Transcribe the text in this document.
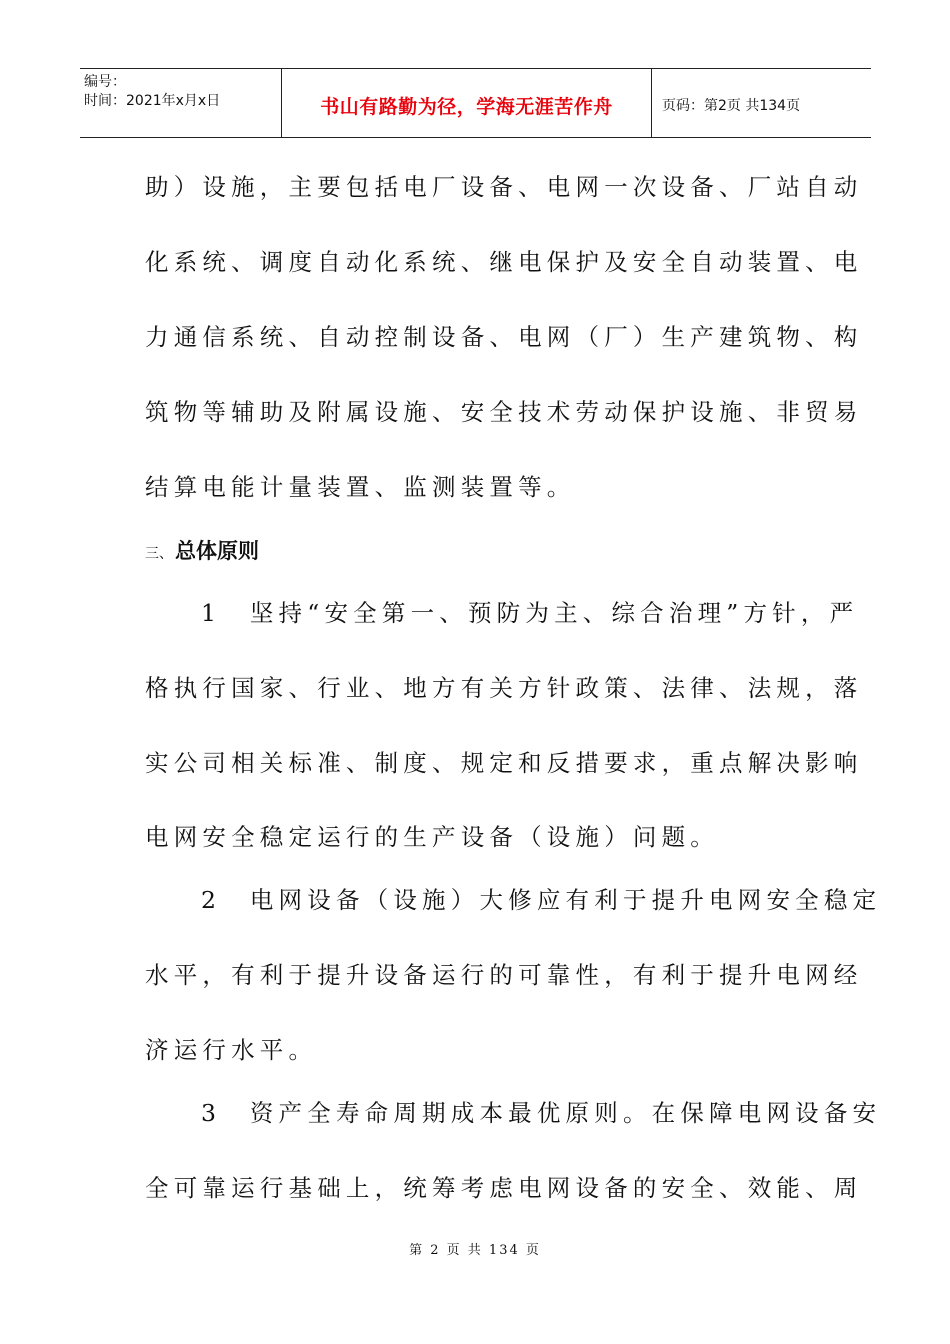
编号：
时间：2021年x月x日	书山有路勤为径，学海无涯苦作舟	页码：第2页 共134页
助）设施，主要包括电厂设备、电网一次设备、厂站自动
化系统、调度自动化系统、继电保护及安全自动装置、电
力通信系统、自动控制设备、电网（厂）生产建筑物、构
筑物等辅助及附属设施、安全技术劳动保护设施、非贸易
结算电能计量装置、监测装置等。
三、总体原则
1　坚持“安全第一、预防为主、综合治理”方针，严
格执行国家、行业、地方有关方针政策、法律、法规，落
实公司相关标准、制度、规定和反措要求，重点解决影响
电网安全稳定运行的生产设备（设施）问题。
2　电网设备（设施）大修应有利于提升电网安全稳定
水平，有利于提升设备运行的可靠性，有利于提升电网经
济运行水平。
3　资产全寿命周期成本最优原则。在保障电网设备安
全可靠运行基础上，统筹考虑电网设备的安全、效能、周
第 2 页 共 134 页
